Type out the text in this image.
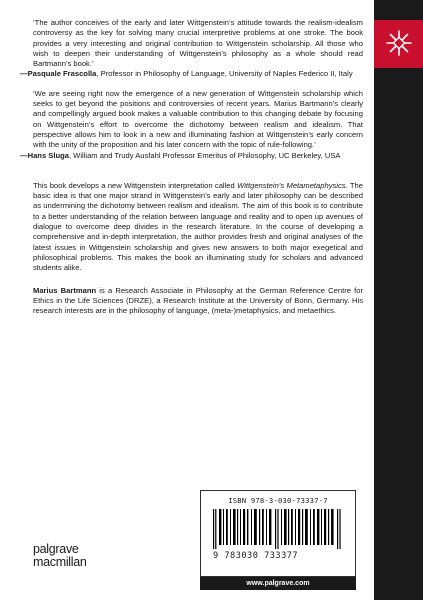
‘The author conceives of the early and later Wittgenstein’s attitude towards the realism-idealism controversy as the key for solving many crucial interpretive problems at one stroke. The book provides a very interesting and original contribution to Wittgenstein scholarship. All those who wish to deepen their understanding of Wittgenstein’s philosophy as a whole should read Bartmann’s book.’

—Pasquale Frascolla, Professor in Philosophy of Language, University of Naples Federico II, Italy

‘We are seeing right now the emergence of a new generation of Wittgenstein scholarship which seeks to get beyond the positions and controversies of recent years. Marius Bartmann’s clearly and compellingly argued book makes a valuable contribution to this changing debate by focusing on Wittgenstein’s effort to overcome the dichotomy between realism and idealism. That perspective allows him to look in a new and illuminating fashion at Wittgenstein’s early concern with the unity of the proposition and his later concern with the topic of rule-following.’

—Hans Sluga, William and Trudy Ausfahl Professor Emeritus of Philosophy, UC Berkeley, USA

This book develops a new Wittgenstein interpretation called Wittgenstein’s Metametaphysics. The basic idea is that one major strand in Wittgenstein’s early and later philosophy can be described as undermining the dichotomy between realism and idealism. The aim of this book is to contribute to a better understanding of the relation between language and reality and to open up avenues of dialogue to overcome deep divides in the research literature. In the course of developing a comprehensive and in-depth interpretation, the author provides fresh and original analyses of the latest issues in Wittgenstein scholarship and gives new answers to both major exegetical and philosophical problems. This makes the book an illuminating study for scholars and advanced students alike.

Marius Bartmann is a Research Associate in Philosophy at the German Reference Centre for Ethics in the Life Sciences (DRZE), a Research Institute at the University of Bonn, Germany. His research interests are in the philosophy of language, (meta-)metaphysics, and metaethics.

ISBN 978-3-030-73337-7
9 783030 733377
www.palgrave.com
palgrave
macmillan
